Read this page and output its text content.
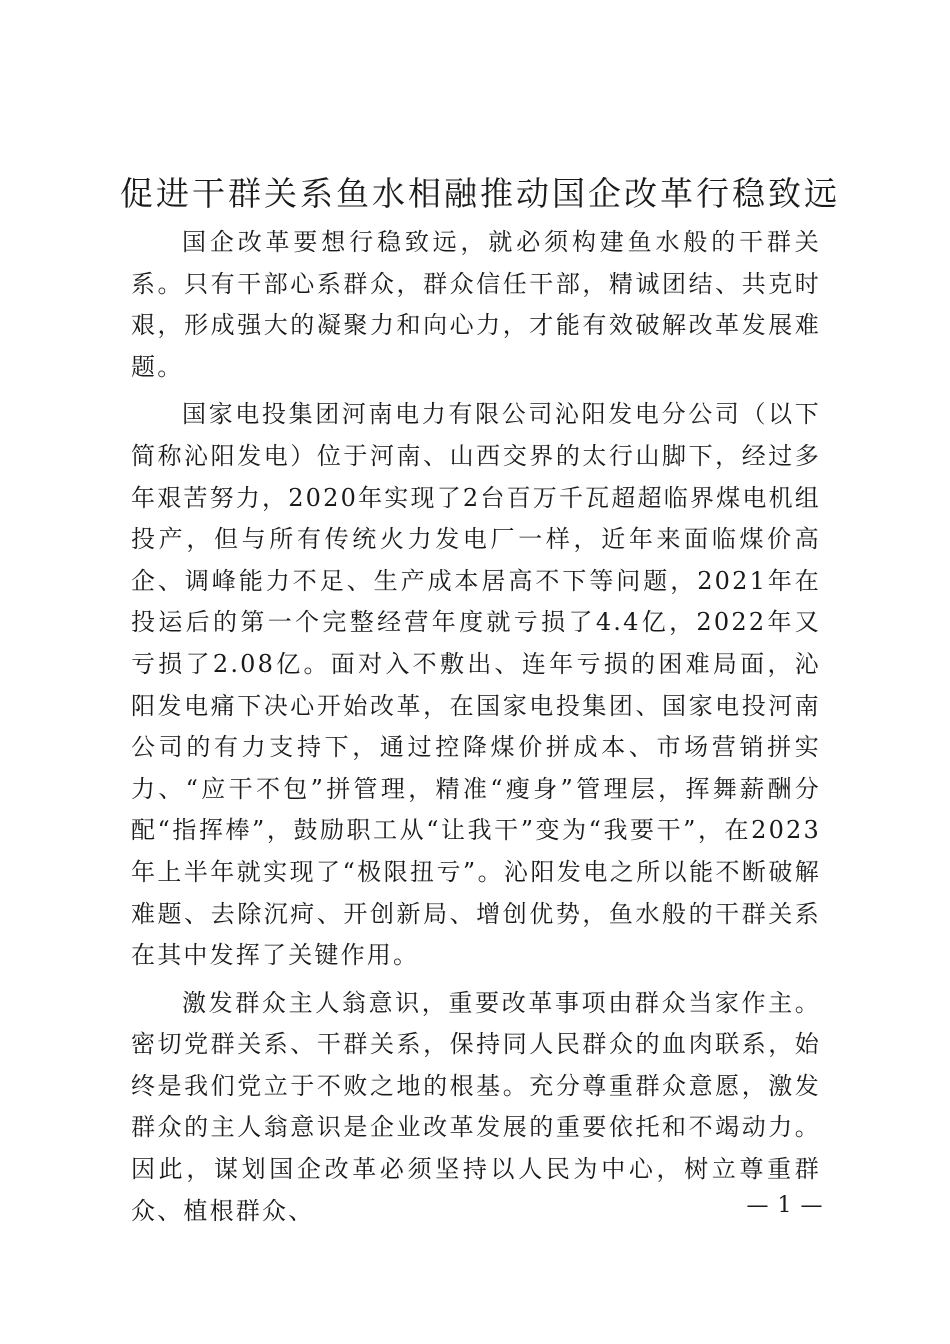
促进干群关系鱼水相融推动国企改革行稳致远

国企改革要想行稳致远，就必须构建鱼水般的干群关系。只有干部心系群众，群众信任干部，精诚团结、共克时艰，形成强大的凝聚力和向心力，才能有效破解改革发展难题。

国家电投集团河南电力有限公司沁阳发电分公司（以下简称沁阳发电）位于河南、山西交界的太行山脚下，经过多年艰苦努力，2020年实现了2台百万千瓦超超临界煤电机组投产，但与所有传统火力发电厂一样，近年来面临煤价高企、调峰能力不足、生产成本居高不下等问题，2021年在投运后的第一个完整经营年度就亏损了4.4亿，2022年又亏损了2.08亿。面对入不敷出、连年亏损的困难局面，沁阳发电痛下决心开始改革，在国家电投集团、国家电投河南公司的有力支持下，通过控降煤价拼成本、市场营销拼实力、“应干不包”拼管理，精准“瘦身”管理层，挥舞薪酬分配“指挥棒”，鼓励职工从“让我干”变为“我要干”，在2023年上半年就实现了“极限扭亏”。沁阳发电之所以能不断破解难题、去除沉疴、开创新局、增创优势，鱼水般的干群关系在其中发挥了关键作用。

激发群众主人翁意识，重要改革事项由群众当家作主。密切党群关系、干群关系，保持同人民群众的血肉联系，始终是我们党立于不败之地的根基。充分尊重群众意愿，激发群众的主人翁意识是企业改革发展的重要依托和不竭动力。因此，谋划国企改革必须坚持以人民为中心，树立尊重群众、植根群众、	— 1 —
